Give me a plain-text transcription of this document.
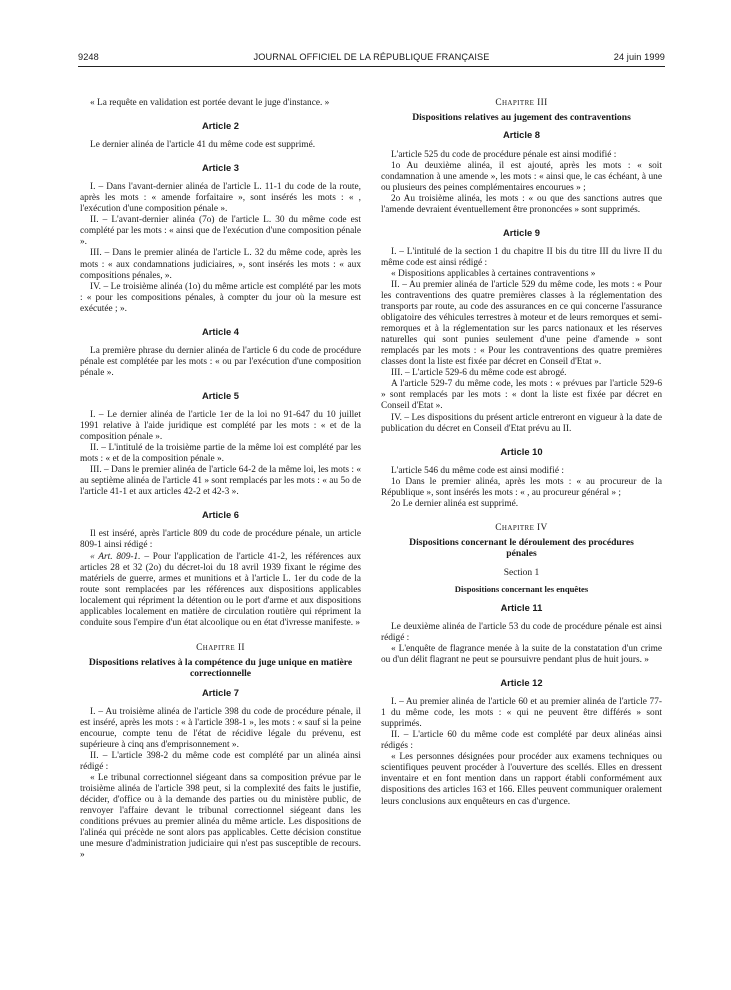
9248	JOURNAL OFFICIEL DE LA RÉPUBLIQUE FRANÇAISE	24 juin 1999

« La requête en validation est portée devant le juge d'instance. »

Article 2

Le dernier alinéa de l'article 41 du même code est supprimé.

Article 3

I. – Dans l'avant-dernier alinéa de l'article L. 11-1 du code de la route, après les mots : « amende forfaitaire », sont insérés les mots : « , l'exécution d'une composition pénale ».

II. – L'avant-dernier alinéa (7o) de l'article L. 30 du même code est complété par les mots : « ainsi que de l'exécution d'une composition pénale ».

III. – Dans le premier alinéa de l'article L. 32 du même code, après les mots : « aux condamnations judiciaires, », sont insérés les mots : « aux compositions pénales, ».

IV. – Le troisième alinéa (1o) du même article est complété par les mots : « pour les compositions pénales, à compter du jour où la mesure est exécutée ; ».

Article 4

La première phrase du dernier alinéa de l'article 6 du code de procédure pénale est complétée par les mots : « ou par l'exécution d'une composition pénale ».

Article 5

I. – Le dernier alinéa de l'article 1er de la loi no 91-647 du 10 juillet 1991 relative à l'aide juridique est complété par les mots : « et de la composition pénale ».

II. – L'intitulé de la troisième partie de la même loi est complété par les mots : « et de la composition pénale ».

III. – Dans le premier alinéa de l'article 64-2 de la même loi, les mots : « au septième alinéa de l'article 41 » sont remplacés par les mots : « au 5o de l'article 41-1 et aux articles 42-2 et 42-3 ».

Article 6

Il est inséré, après l'article 809 du code de procédure pénale, un article 809-1 ainsi rédigé :

« Art. 809-1. – Pour l'application de l'article 41-2, les références aux articles 28 et 32 (2o) du décret-loi du 18 avril 1939 fixant le régime des matériels de guerre, armes et munitions et à l'article L. 1er du code de la route sont remplacées par les références aux dispositions applicables localement qui répriment la détention ou le port d'arme et aux dispositions applicables localement en matière de circulation routière qui répriment la conduite sous l'empire d'un état alcoolique ou en état d'ivresse manifeste. »

Chapitre II
Dispositions relatives à la compétence du juge unique en matière correctionnelle
Article 7

I. – Au troisième alinéa de l'article 398 du code de procédure pénale, il est inséré, après les mots : « à l'article 398-1 », les mots : « sauf si la peine encourue, compte tenu de l'état de récidive légale du prévenu, est supérieure à cinq ans d'emprisonnement ».

II. – L'article 398-2 du même code est complété par un alinéa ainsi rédigé :

« Le tribunal correctionnel siégeant dans sa composition prévue par le troisième alinéa de l'article 398 peut, si la complexité des faits le justifie, décider, d'office ou à la demande des parties ou du ministère public, de renvoyer l'affaire devant le tribunal correctionnel siégeant dans les conditions prévues au premier alinéa du même article. Les dispositions de l'alinéa qui précède ne sont alors pas applicables. Cette décision constitue une mesure d'administration judiciaire qui n'est pas susceptible de recours. »

Chapitre III
Dispositions relatives au jugement des contraventions
Article 8

L'article 525 du code de procédure pénale est ainsi modifié :

1o Au deuxième alinéa, il est ajouté, après les mots : « soit condamnation à une amende », les mots : « ainsi que, le cas échéant, à une ou plusieurs des peines complémentaires encourues » ;

2o Au troisième alinéa, les mots : « ou que des sanctions autres que l'amende devraient éventuellement être prononcées » sont supprimés.

Article 9

I. – L'intitulé de la section 1 du chapitre II bis du titre III du livre II du même code est ainsi rédigé :

« Dispositions applicables à certaines contraventions »

II. – Au premier alinéa de l'article 529 du même code, les mots : « Pour les contraventions des quatre premières classes à la réglementation des transports par route, au code des assurances en ce qui concerne l'assurance obligatoire des véhicules terrestres à moteur et de leurs remorques et semi-remorques et à la réglementation sur les parcs nationaux et les réserves naturelles qui sont punies seulement d'une peine d'amende » sont remplacés par les mots : « Pour les contraventions des quatre premières classes dont la liste est fixée par décret en Conseil d'Etat ».

III. – L'article 529-6 du même code est abrogé.

A l'article 529-7 du même code, les mots : « prévues par l'article 529-6 » sont remplacés par les mots : « dont la liste est fixée par décret en Conseil d'Etat ».

IV. – Les dispositions du présent article entreront en vigueur à la date de publication du décret en Conseil d'Etat prévu au II.

Article 10

L'article 546 du même code est ainsi modifié :

1o Dans le premier alinéa, après les mots : « au procureur de la République », sont insérés les mots : « , au procureur général » ;

2o Le dernier alinéa est supprimé.

Chapitre IV
Dispositions concernant le déroulement des procédures pénales
Section 1
Dispositions concernant les enquêtes
Article 11

Le deuxième alinéa de l'article 53 du code de procédure pénale est ainsi rédigé :

« L'enquête de flagrance menée à la suite de la constatation d'un crime ou d'un délit flagrant ne peut se poursuivre pendant plus de huit jours. »

Article 12

I. – Au premier alinéa de l'article 60 et au premier alinéa de l'article 77-1 du même code, les mots : « qui ne peuvent être différés » sont supprimés.

II. – L'article 60 du même code est complété par deux alinéas ainsi rédigés :

« Les personnes désignées pour procéder aux examens techniques ou scientifiques peuvent procéder à l'ouverture des scellés. Elles en dressent inventaire et en font mention dans un rapport établi conformément aux dispositions des articles 163 et 166. Elles peuvent communiquer oralement leurs conclusions aux enquêteurs en cas d'urgence.
